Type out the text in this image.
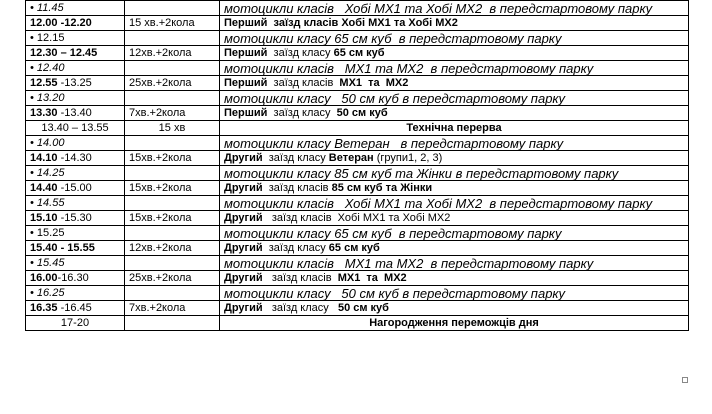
• 11.45		мотоцикли класів   Хобі МХ1 та Хобі МХ2  в передстартовому парку
12.00 -12.20	15 хв.+2кола	Перший  заїзд класів Хобі МХ1 та Хобі МХ2
• 12.15		мотоцикли класу 65 см куб  в передстартовому парку
12.30 – 12.45	12хв.+2кола	Перший  заїзд класу 65 см куб
• 12.40		мотоцикли класів   МХ1 та МХ2  в передстартовому парку
12.55 -13.25	25хв.+2кола	Перший  заїзд класів  МХ1  та  МХ2
• 13.20		мотоцикли класу   50 см куб в передстартовому парку
13.30 -13.40	7хв.+2кола	Перший  заїзд класу  50 см куб
13.40 – 13.55	15 хв	Технічна перерва
• 14.00		мотоцикли класу Ветеран   в передстартовому парку
14.10 -14.30	15хв.+2кола	Другий  заїзд класу Ветеран (групи1, 2, 3)
• 14.25		мотоцикли класу 85 см куб та Жінки в передстартовому парку
14.40 -15.00	15хв.+2кола	Другий  заїзд класів 85 см куб та Жінки
• 14.55		мотоцикли класів   Хобі МХ1 та Хобі МХ2  в передстартовому парку
15.10 -15.30	15хв.+2кола	Другий   заїзд класів  Хобі МХ1 та Хобі МХ2
• 15.25		мотоцикли класу 65 см куб  в передстартовому парку
15.40 - 15.55	12хв.+2кола	Другий  заїзд класу 65 см куб
• 15.45		мотоцикли класів   МХ1 та МХ2  в передстартовому парку
16.00-16.30	25хв.+2кола	Другий   заїзд класів  МХ1  та  МХ2
• 16.25		мотоцикли класу   50 см куб в передстартовому парку
16.35 -16.45	7хв.+2кола	Другий   заїзд класу   50 см куб
17-20		Нагородження переможців дня
